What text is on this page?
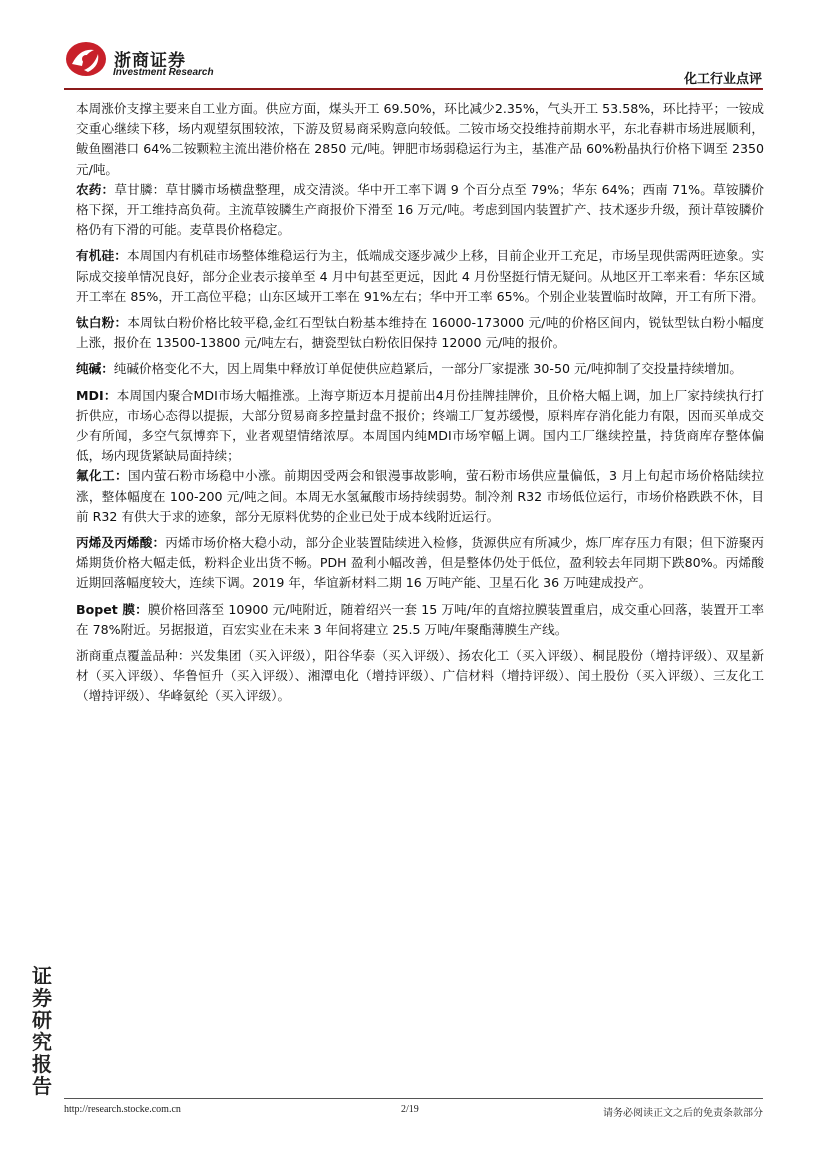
浙商证券
Investment Research	化工行业点评

本周涨价支撑主要来自工业方面。供应方面，煤头开工 69.50%，环比减少2.35%，气头开工 53.58%，环比持平；一铵成交重心继续下移，场内观望氛围较浓，下游及贸易商采购意向较低。二铵市场交投维持前期水平，东北春耕市场进展顺利，鲅鱼圈港口 64%二铵颗粒主流出港价格在 2850 元/吨。钾肥市场弱稳运行为主，基准产品 60%粉晶执行价格下调至 2350 元/吨。

农药：草甘膦：草甘膦市场横盘整理，成交清淡。华中开工率下调 9 个百分点至 79%；华东 64%；西南 71%。草铵膦价格下探，开工维持高负荷。主流草铵膦生产商报价下滑至 16 万元/吨。考虑到国内装置扩产、技术逐步升级，预计草铵膦价格仍有下滑的可能。麦草畏价格稳定。

有机硅：本周国内有机硅市场整体维稳运行为主，低端成交逐步减少上移，目前企业开工充足，市场呈现供需两旺迹象。实际成交接单情况良好，部分企业表示接单至 4 月中旬甚至更远，因此 4 月份坚挺行情无疑问。从地区开工率来看：华东区域开工率在 85%，开工高位平稳；山东区域开工率在 91%左右；华中开工率 65%。个别企业装置临时故障，开工有所下滑。

钛白粉：本周钛白粉价格比较平稳,金红石型钛白粉基本维持在 16000-173000 元/吨的价格区间内，锐钛型钛白粉小幅度上涨，报价在 13500-13800 元/吨左右，搪瓷型钛白粉依旧保持 12000 元/吨的报价。

纯碱：纯碱价格变化不大，因上周集中释放订单促使供应趋紧后，一部分厂家提涨 30-50 元/吨抑制了交投量持续增加。

MDI：本周国内聚合MDI市场大幅推涨。上海亨斯迈本月提前出4月份挂牌挂牌价，且价格大幅上调，加上厂家持续执行打折供应，市场心态得以提振，大部分贸易商多控量封盘不报价；终端工厂复苏缓慢，原料库存消化能力有限，因而买单成交少有所闻，多空气氛博弈下，业者观望情绪浓厚。本周国内纯MDI市场窄幅上调。国内工厂继续控量，持货商库存整体偏低，场内现货紧缺局面持续；

氟化工：国内萤石粉市场稳中小涨。前期因受两会和银漫事故影响，萤石粉市场供应量偏低，3 月上旬起市场价格陆续拉涨，整体幅度在 100-200 元/吨之间。本周无水氢氟酸市场持续弱势。制冷剂 R32 市场低位运行，市场价格跌跌不休，目前 R32 有供大于求的迹象，部分无原料优势的企业已处于成本线附近运行。

丙烯及丙烯酸：丙烯市场价格大稳小动，部分企业装置陆续进入检修，货源供应有所减少，炼厂库存压力有限；但下游聚丙烯期货价格大幅走低，粉料企业出货不畅。PDH 盈利小幅改善，但是整体仍处于低位，盈利较去年同期下跌80%。丙烯酸近期回落幅度较大，连续下调。2019 年，华谊新材料二期 16 万吨产能、卫星石化 36 万吨建成投产。

Bopet 膜：膜价格回落至 10900 元/吨附近，随着绍兴一套 15 万吨/年的直熔拉膜装置重启，成交重心回落，装置开工率在 78%附近。另据报道，百宏实业在未来 3 年间将建立 25.5 万吨/年聚酯薄膜生产线。

浙商重点覆盖品种：兴发集团（买入评级），阳谷华泰（买入评级）、扬农化工（买入评级）、桐昆股份（增持评级）、双星新材（买入评级）、华鲁恒升（买入评级）、湘潭电化（增持评级）、广信材料（增持评级）、闰土股份（买入评级）、三友化工（增持评级）、华峰氨纶（买入评级）。

证
券
研
究
报
告
http://research.stocke.com.cn	2/19	请务必阅读正文之后的免责条款部分
